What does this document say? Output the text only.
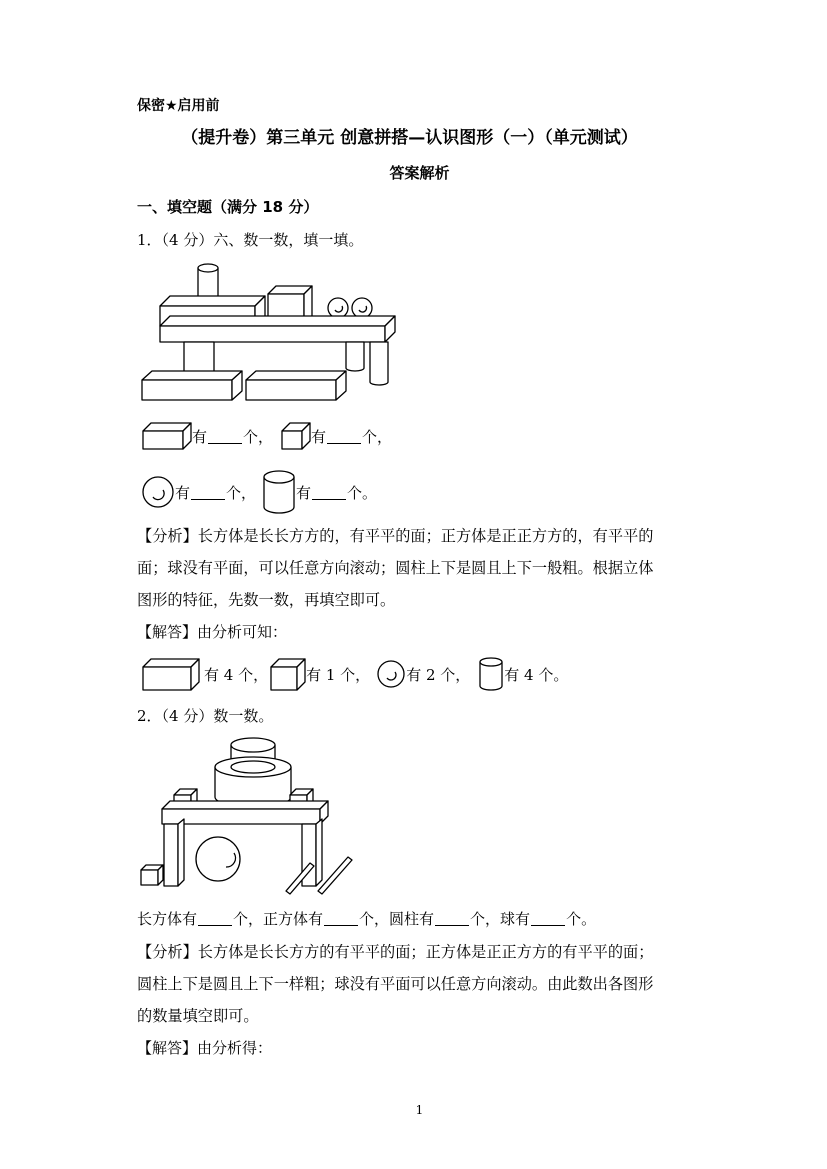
保密★启用前
（提升卷）第三单元 创意拼搭—认识图形（一）（单元测试）
答案解析
一、填空题（满分 18 分）
1．（4 分）六、数一数，填一填。
有 个，	有 个，
有 个，	有 个。
【分析】长方体是长长方方的，有平平的面；正方体是正正方方的，有平平的
面；球没有平面，可以任意方向滚动；圆柱上下是圆且上下一般粗。根据立体
图形的特征，先数一数，再填空即可。
【解答】由分析可知：
有 4 个，	有 1 个， 有 2 个， 有 4 个。
2．（4 分）数一数。
长方体有 个，正方体有 个，圆柱有 个，球有 个。
【分析】长方体是长长方方的有平平的面；正方体是正正方方的有平平的面；
圆柱上下是圆且上下一样粗；球没有平面可以任意方向滚动。由此数出各图形
的数量填空即可。
【解答】由分析得：
1
